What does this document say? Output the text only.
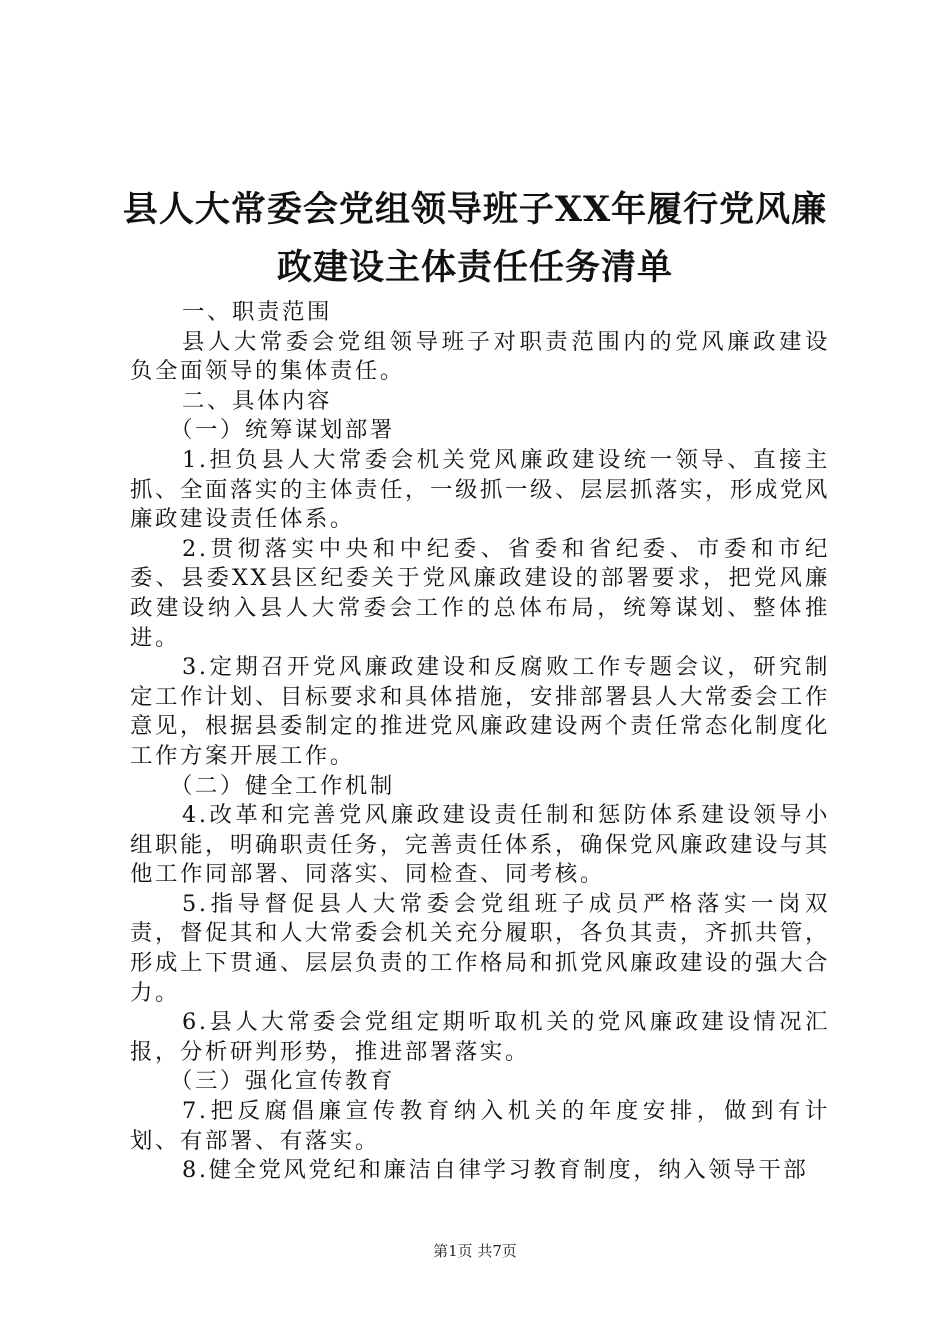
县人大常委会党组领导班子XX年履行党风廉
政建设主体责任任务清单

一、职责范围

县人大常委会党组领导班子对职责范围内的党风廉政建设负全面领导的集体责任。

二、具体内容

（一）统筹谋划部署

1.担负县人大常委会机关党风廉政建设统一领导、直接主抓、全面落实的主体责任，一级抓一级、层层抓落实，形成党风廉政建设责任体系。

2.贯彻落实中央和中纪委、省委和省纪委、市委和市纪委、县委XX县区纪委关于党风廉政建设的部署要求，把党风廉政建设纳入县人大常委会工作的总体布局，统筹谋划、整体推进。

3.定期召开党风廉政建设和反腐败工作专题会议，研究制定工作计划、目标要求和具体措施，安排部署县人大常委会工作意见，根据县委制定的推进党风廉政建设两个责任常态化制度化工作方案开展工作。

（二）健全工作机制

4.改革和完善党风廉政建设责任制和惩防体系建设领导小组职能，明确职责任务，完善责任体系，确保党风廉政建设与其他工作同部署、同落实、同检查、同考核。

5.指导督促县人大常委会党组班子成员严格落实一岗双责，督促其和人大常委会机关充分履职，各负其责，齐抓共管，形成上下贯通、层层负责的工作格局和抓党风廉政建设的强大合力。

6.县人大常委会党组定期听取机关的党风廉政建设情况汇报，分析研判形势，推进部署落实。

（三）强化宣传教育

7.把反腐倡廉宣传教育纳入机关的年度安排，做到有计划、有部署、有落实。

8.健全党风党纪和廉洁自律学习教育制度，纳入领导干部

第1页 共7页
